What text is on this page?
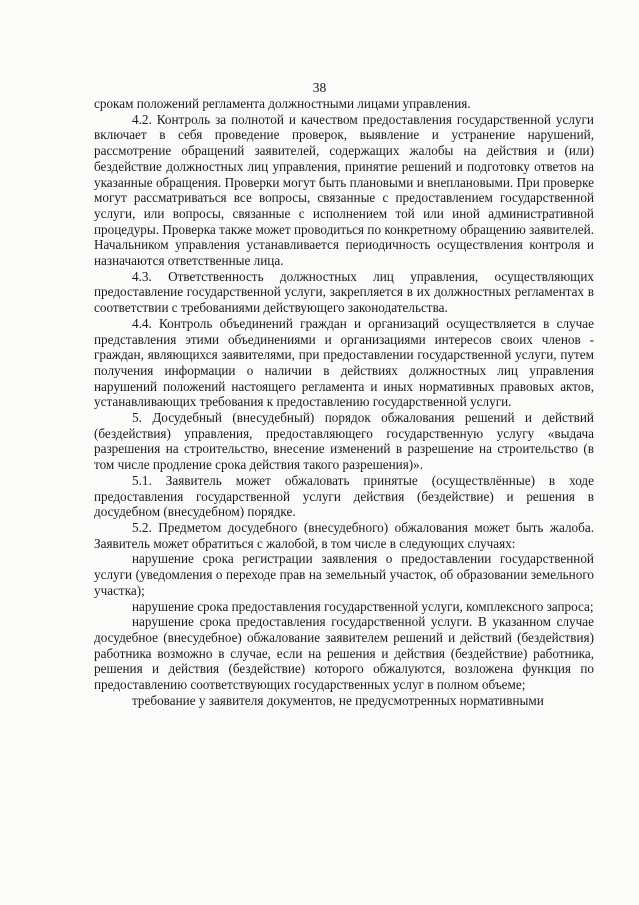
38

срокам положений регламента должностными лицами управления.

4.2. Контроль за полнотой и качеством предоставления государственной услуги включает в себя проведение проверок, выявление и устранение нарушений, рассмотрение обращений заявителей, содержащих жалобы на действия и (или) бездействие должностных лиц управления, принятие решений и подготовку ответов на указанные обращения. Проверки могут быть плановыми и внеплановыми. При проверке могут рассматриваться все вопросы, связанные с предоставлением государственной услуги, или вопросы, связанные с исполнением той или иной административной процедуры. Проверка также может проводиться по конкретному обращению заявителей. Начальником управления устанавливается периодичность осуществления контроля и назначаются ответственные лица.

4.3. Ответственность должностных лиц управления, осуществляющих предоставление государственной услуги, закрепляется в их должностных регламентах в соответствии с требованиями действующего законодательства.

4.4. Контроль объединений граждан и организаций осуществляется в случае представления этими объединениями и организациями интересов своих членов - граждан, являющихся заявителями, при предоставлении государственной услуги, путем получения информации о наличии в действиях должностных лиц управления нарушений положений настоящего регламента и иных нормативных правовых актов, устанавливающих требования к предоставлению государственной услуги.

5. Досудебный (внесудебный) порядок обжалования решений и действий (бездействия) управления, предоставляющего государственную услугу «выдача разрешения на строительство, внесение изменений в разрешение на строительство (в том числе продление срока действия такого разрешения)».

5.1. Заявитель может обжаловать принятые (осуществлённые) в ходе предоставления государственной услуги действия (бездействие) и решения в досудебном (внесудебном) порядке.

5.2. Предметом досудебного (внесудебного) обжалования может быть жалоба. Заявитель может обратиться с жалобой, в том числе в следующих случаях:

нарушение срока регистрации заявления о предоставлении государственной услуги (уведомления о переходе прав на земельный участок, об образовании земельного участка);

нарушение срока предоставления государственной услуги, комплексного запроса;

нарушение срока предоставления государственной услуги. В указанном случае досудебное (внесудебное) обжалование заявителем решений и действий (бездействия) работника возможно в случае, если на решения и действия (бездействие) работника, решения и действия (бездействие) которого обжалуются, возложена функция по предоставлению соответствующих государственных услуг в полном объеме;

требование у заявителя документов, не предусмотренных нормативными
